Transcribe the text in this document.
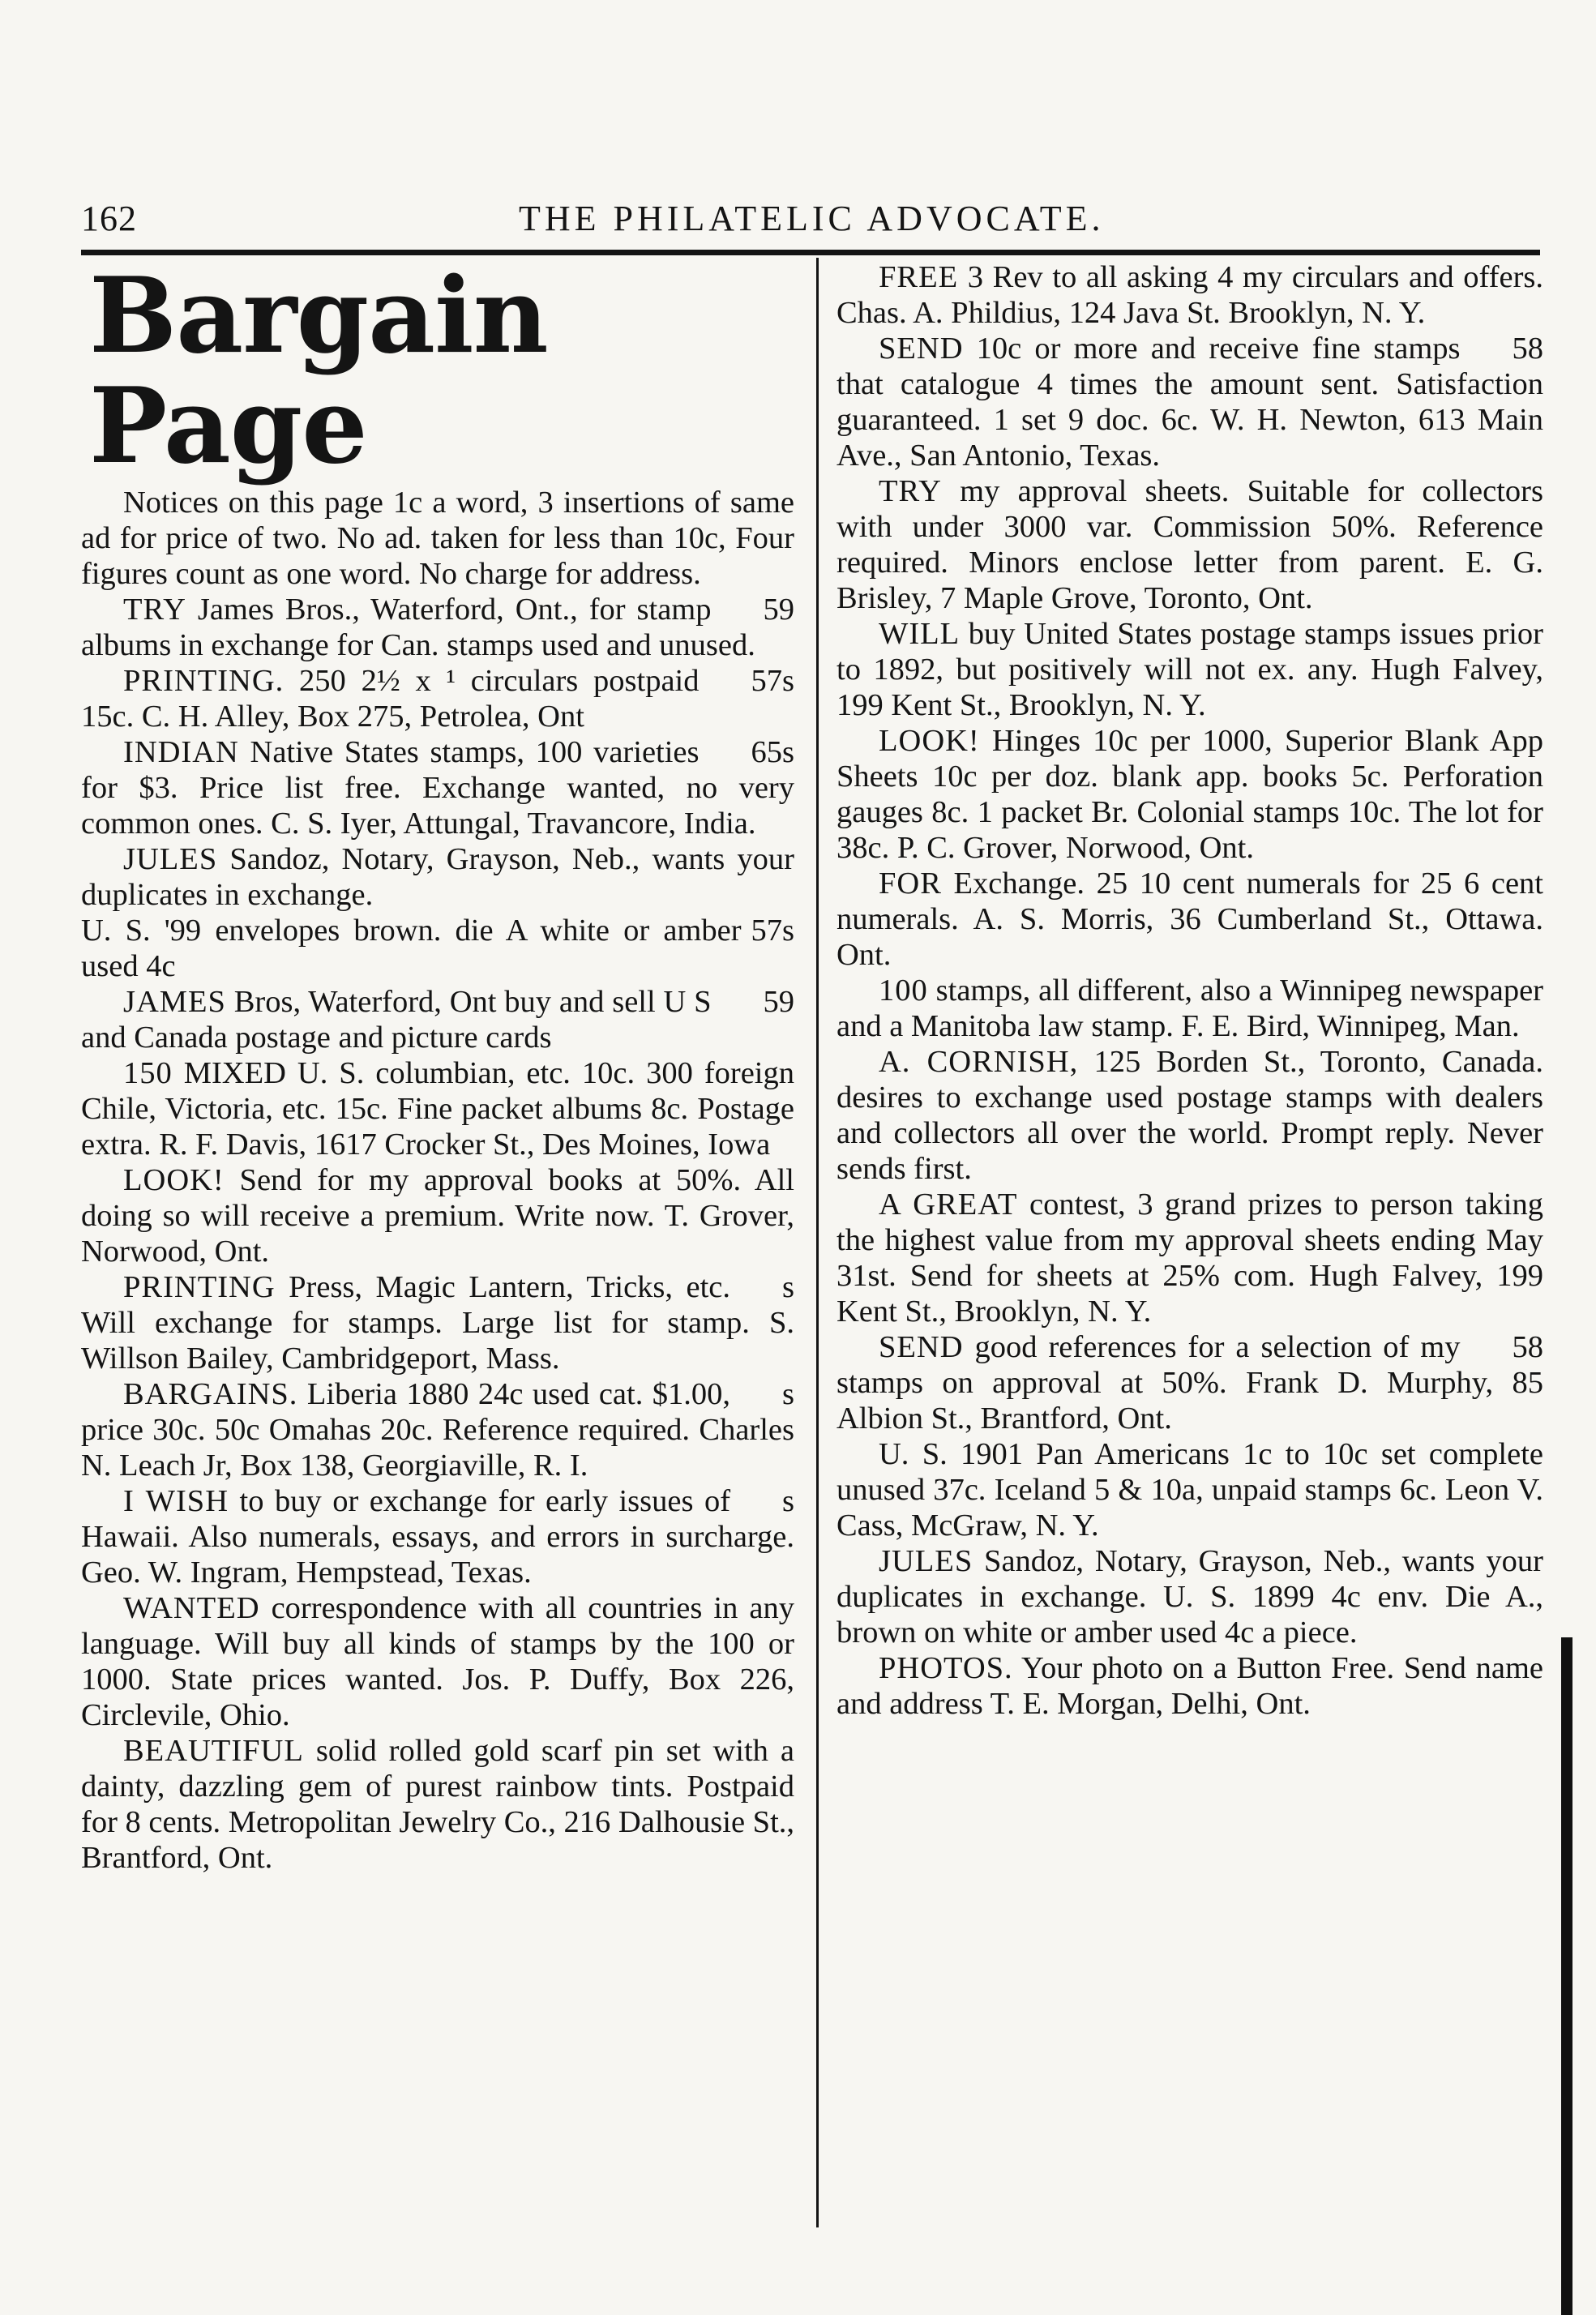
162	THE PHILATELIC ADVOCATE.
Bargain Page

Notices on this page 1c a word, 3 insertions of same ad for price of two. No ad. taken for less than 10c, Four figures count as one word. No charge for address.

59
TRY James Bros., Waterford, Ont., for stamp albums in exchange for Can. stamps used and unused.

57s
PRINTING. 250 2½ x ¹ circulars postpaid 15c. C. H. Alley, Box 275, Petrolea, Ont

65s
INDIAN Native States stamps, 100 varieties for $3. Price list free. Exchange wanted, no very common ones. C. S. Iyer, Attungal, Travancore, India.

JULES Sandoz, Notary, Grayson, Neb., wants your duplicates in exchange.

57s
U. S. '99 envelopes brown. die A white or amber used 4c

59
JAMES Bros, Waterford, Ont buy and sell U S and Canada postage and picture cards

150 MIXED U. S. columbian, etc. 10c. 300 foreign Chile, Victoria, etc. 15c. Fine packet albums 8c. Postage extra. R. F. Davis, 1617 Crocker St., Des Moines, Iowa

LOOK! Send for my approval books at 50%. All doing so will receive a premium. Write now. T. Grover, Norwood, Ont.

s
PRINTING Press, Magic Lantern, Tricks, etc. Will exchange for stamps. Large list for stamp. S. Willson Bailey, Cambridgeport, Mass.

s
BARGAINS. Liberia 1880 24c used cat. $1.00, price 30c. 50c Omahas 20c. Reference required. Charles N. Leach Jr, Box 138, Georgiaville, R. I.

s
I WISH to buy or exchange for early issues of Hawaii. Also numerals, essays, and errors in surcharge. Geo. W. Ingram, Hempstead, Texas.

WANTED correspondence with all countries in any language. Will buy all kinds of stamps by the 100 or 1000. State prices wanted. Jos. P. Duffy, Box 226, Circlevile, Ohio.

BEAUTIFUL solid rolled gold scarf pin set with a dainty, dazzling gem of purest rainbow tints. Postpaid for 8 cents. Metropolitan Jewelry Co., 216 Dalhousie St., Brantford, Ont.

FREE 3 Rev to all asking 4 my circulars and offers. Chas. A. Phildius, 124 Java St. Brooklyn, N. Y.

58
SEND 10c or more and receive fine stamps that catalogue 4 times the amount sent. Satisfaction guaranteed. 1 set 9 doc. 6c. W. H. Newton, 613 Main Ave., San Antonio, Texas.

TRY my approval sheets. Suitable for collectors with under 3000 var. Commission 50%. Reference required. Minors enclose letter from parent. E. G. Brisley, 7 Maple Grove, Toronto, Ont.

WILL buy United States postage stamps issues prior to 1892, but positively will not ex. any. Hugh Falvey, 199 Kent St., Brooklyn, N. Y.

LOOK! Hinges 10c per 1000, Superior Blank App Sheets 10c per doz. blank app. books 5c. Perforation gauges 8c. 1 packet Br. Colonial stamps 10c. The lot for 38c. P. C. Grover, Norwood, Ont.

FOR Exchange. 25 10 cent numerals for 25 6 cent numerals. A. S. Morris, 36 Cumberland St., Ottawa. Ont.

100 stamps, all different, also a Winnipeg newspaper and a Manitoba law stamp. F. E. Bird, Winnipeg, Man.

A. CORNISH, 125 Borden St., Toronto, Canada. desires to exchange used postage stamps with dealers and collectors all over the world. Prompt reply. Never sends first.

A GREAT contest, 3 grand prizes to person taking the highest value from my approval sheets ending May 31st. Send for sheets at 25% com. Hugh Falvey, 199 Kent St., Brooklyn, N. Y.

58
SEND good references for a selection of my stamps on approval at 50%. Frank D. Murphy, 85 Albion St., Brantford, Ont.

U. S. 1901 Pan Americans 1c to 10c set complete unused 37c. Iceland 5 & 10a, unpaid stamps 6c. Leon V. Cass, McGraw, N. Y.

JULES Sandoz, Notary, Grayson, Neb., wants your duplicates in exchange. U. S. 1899 4c env. Die A., brown on white or amber used 4c a piece.

PHOTOS. Your photo on a Button Free. Send name and address T. E. Morgan, Delhi, Ont.
